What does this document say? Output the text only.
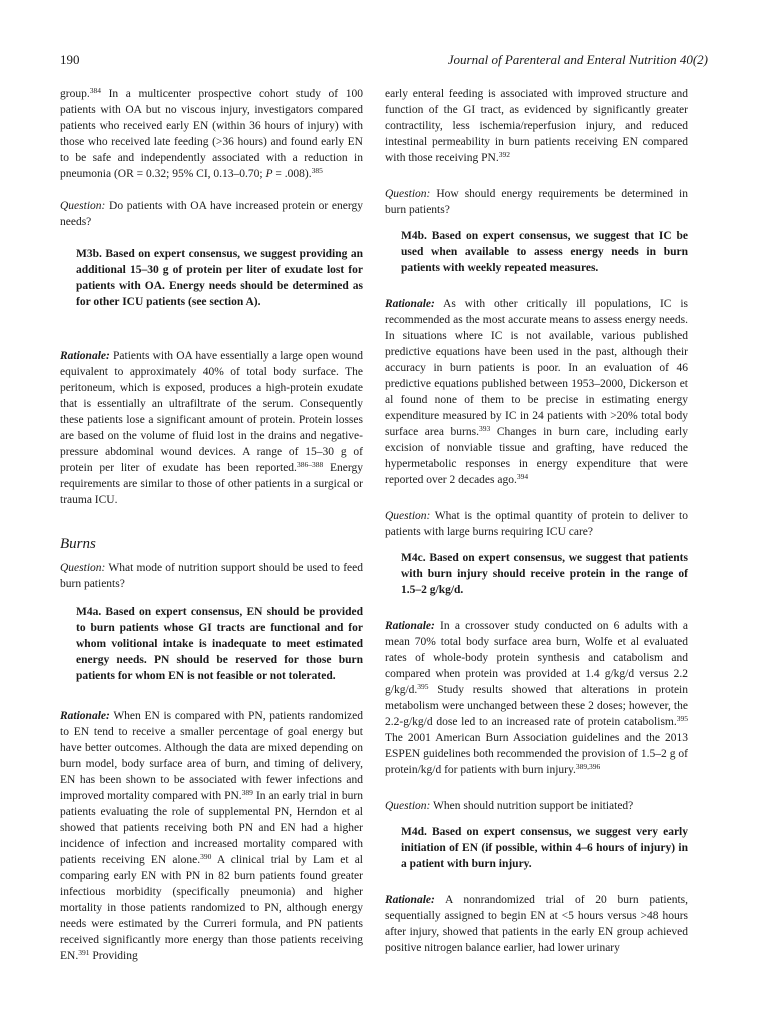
190	Journal of Parenteral and Enteral Nutrition 40(2)

group.$^{384}$ In a multicenter prospective cohort study of 100 patients with OA but no viscous injury, investigators compared patients who received early EN (within 36 hours of injury) with those who received late feeding (>36 hours) and found early EN to be safe and independently associated with a reduction in pneumonia (OR = 0.32; 95% CI, 0.13–0.70; P = .008).$^{385}$

Question: Do patients with OA have increased protein or energy needs?

M3b. Based on expert consensus, we suggest providing an additional 15–30 g of protein per liter of exudate lost for patients with OA. Energy needs should be determined as for other ICU patients (see section A).

Rationale: Patients with OA have essentially a large open wound equivalent to approximately 40% of total body surface. The peritoneum, which is exposed, produces a high-protein exudate that is essentially an ultrafiltrate of the serum. Consequently these patients lose a significant amount of protein. Protein losses are based on the volume of fluid lost in the drains and negative-pressure abdominal wound devices. A range of 15–30 g of protein per liter of exudate has been reported.$^{386-388}$ Energy requirements are similar to those of other patients in a surgical or trauma ICU.

Burns

Question: What mode of nutrition support should be used to feed burn patients?

M4a. Based on expert consensus, EN should be provided to burn patients whose GI tracts are functional and for whom volitional intake is inadequate to meet estimated energy needs. PN should be reserved for those burn patients for whom EN is not feasible or not tolerated.

Rationale: When EN is compared with PN, patients randomized to EN tend to receive a smaller percentage of goal energy but have better outcomes. Although the data are mixed depending on burn model, body surface area of burn, and timing of delivery, EN has been shown to be associated with fewer infections and improved mortality compared with PN.$^{389}$ In an early trial in burn patients evaluating the role of supplemental PN, Herndon et al showed that patients receiving both PN and EN had a higher incidence of infection and increased mortality compared with patients receiving EN alone.$^{390}$ A clinical trial by Lam et al comparing early EN with PN in 82 burn patients found greater infectious morbidity (specifically pneumonia) and higher mortality in those patients randomized to PN, although energy needs were estimated by the Curreri formula, and PN patients received significantly more energy than those patients receiving EN.$^{391}$ Providing

early enteral feeding is associated with improved structure and function of the GI tract, as evidenced by significantly greater contractility, less ischemia/reperfusion injury, and reduced intestinal permeability in burn patients receiving EN compared with those receiving PN.$^{392}$

Question: How should energy requirements be determined in burn patients?

M4b. Based on expert consensus, we suggest that IC be used when available to assess energy needs in burn patients with weekly repeated measures.

Rationale: As with other critically ill populations, IC is recommended as the most accurate means to assess energy needs. In situations where IC is not available, various published predictive equations have been used in the past, although their accuracy in burn patients is poor. In an evaluation of 46 predictive equations published between 1953–2000, Dickerson et al found none of them to be precise in estimating energy expenditure measured by IC in 24 patients with >20% total body surface area burns.$^{393}$ Changes in burn care, including early excision of nonviable tissue and grafting, have reduced the hypermetabolic responses in energy expenditure that were reported over 2 decades ago.$^{394}$

Question: What is the optimal quantity of protein to deliver to patients with large burns requiring ICU care?

M4c. Based on expert consensus, we suggest that patients with burn injury should receive protein in the range of 1.5–2 g/kg/d.

Rationale: In a crossover study conducted on 6 adults with a mean 70% total body surface area burn, Wolfe et al evaluated rates of whole-body protein synthesis and catabolism and compared when protein was provided at 1.4 g/kg/d versus 2.2 g/kg/d.$^{395}$ Study results showed that alterations in protein metabolism were unchanged between these 2 doses; however, the 2.2-g/kg/d dose led to an increased rate of protein catabolism.$^{395}$ The 2001 American Burn Association guidelines and the 2013 ESPEN guidelines both recommended the provision of 1.5–2 g of protein/kg/d for patients with burn injury.$^{389,396}$

Question: When should nutrition support be initiated?

M4d. Based on expert consensus, we suggest very early initiation of EN (if possible, within 4–6 hours of injury) in a patient with burn injury.

Rationale: A nonrandomized trial of 20 burn patients, sequentially assigned to begin EN at <5 hours versus >48 hours after injury, showed that patients in the early EN group achieved positive nitrogen balance earlier, had lower urinary
